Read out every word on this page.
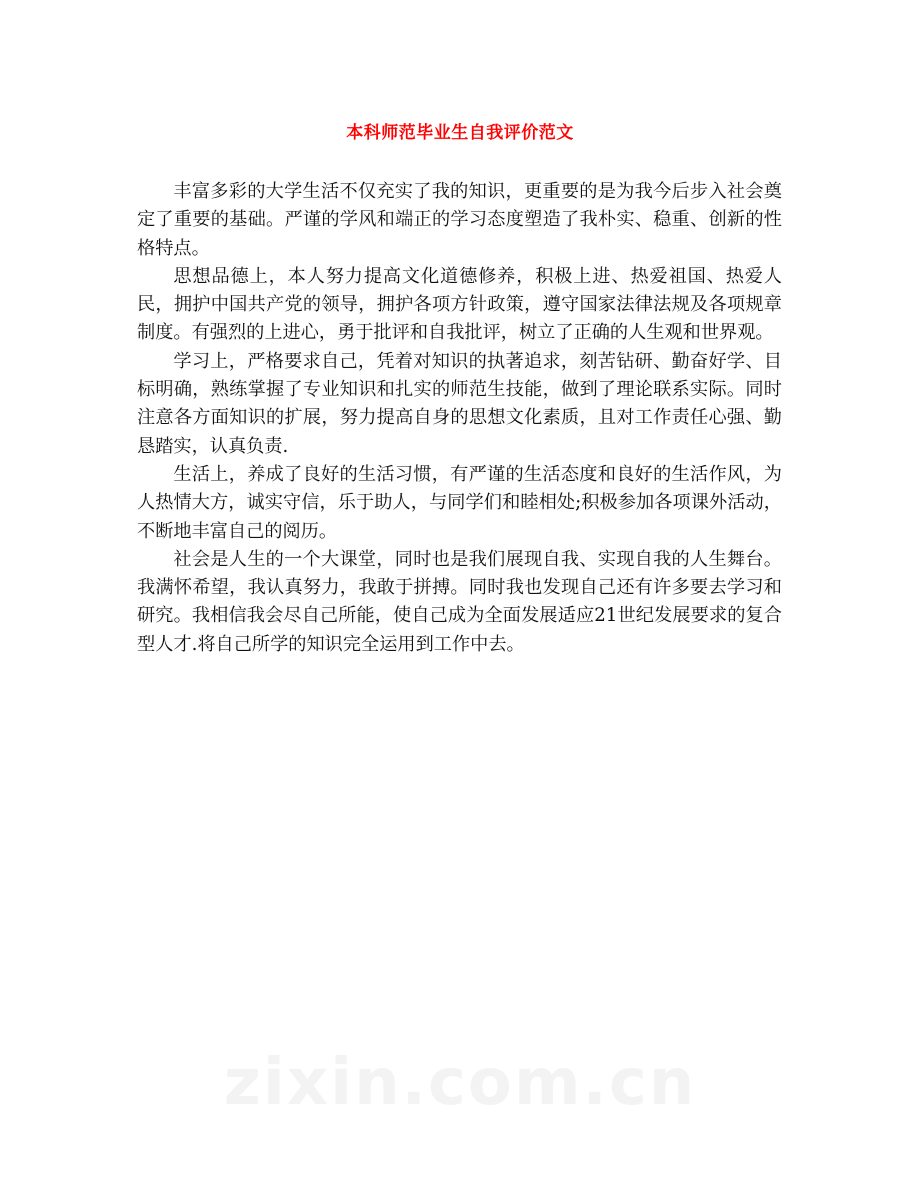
zixin.com.cn
本科师范毕业生自我评价范文

丰富多彩的大学生活不仅充实了我的知识，更重要的是为我今后步入社会奠定了重要的基础。严谨的学风和端正的学习态度塑造了我朴实、稳重、创新的性格特点。

思想品德上，本人努力提高文化道德修养，积极上进、热爱祖国、热爱人民，拥护中国共产党的领导，拥护各项方针政策，遵守国家法律法规及各项规章制度。有强烈的上进心，勇于批评和自我批评，树立了正确的人生观和世界观。

学习上，严格要求自己，凭着对知识的执著追求，刻苦钻研、勤奋好学、目标明确，熟练掌握了专业知识和扎实的师范生技能，做到了理论联系实际。同时注意各方面知识的扩展，努力提高自身的思想文化素质，且对工作责任心强、勤恳踏实，认真负责.

生活上，养成了良好的生活习惯，有严谨的生活态度和良好的生活作风，为人热情大方，诚实守信，乐于助人，与同学们和睦相处;积极参加各项课外活动，不断地丰富自己的阅历。

社会是人生的一个大课堂，同时也是我们展现自我、实现自我的人生舞台。我满怀希望，我认真努力，我敢于拼搏。同时我也发现自己还有许多要去学习和研究。我相信我会尽自己所能，使自己成为全面发展适应21世纪发展要求的复合型人才.将自己所学的知识完全运用到工作中去。
